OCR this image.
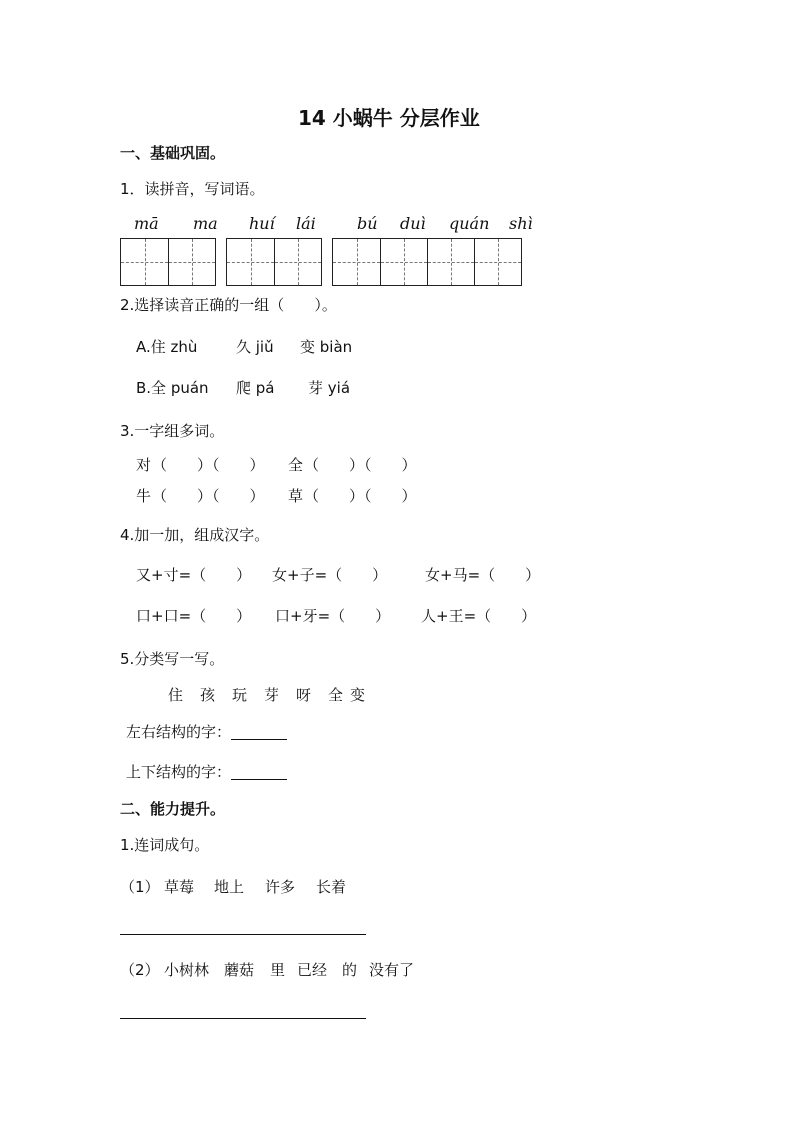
14 小蜗牛 分层作业
一、基础巩固。
1．读拼音，写词语。
mā ma huí lái	bú duì quán shì
2.选择读音正确的一组（　　）。
A.住 zhù	久 jiǔ 变 biàn
B.全 puán 爬 pá 芽 yiá
3.一字组多词。
对 （　　）（　　） 全 （　　）（　　）
牛 （　　）（　　） 草 （　　）（　　）
4.加一加，组成汉字。
又+寸=（　　） 女+子=（　　）	女+马=（　　）
口+口=（　　） 口+牙=（　　） 人+王=（　　）
5.分类写一写。
住 孩 玩 芽 呀 全 变
左右结构的字：
上下结构的字：
二、能力提升。
1.连词成句。
（1） 草莓 地上 许多 长着
（2） 小树林 蘑菇 里 已经 的 没有了
